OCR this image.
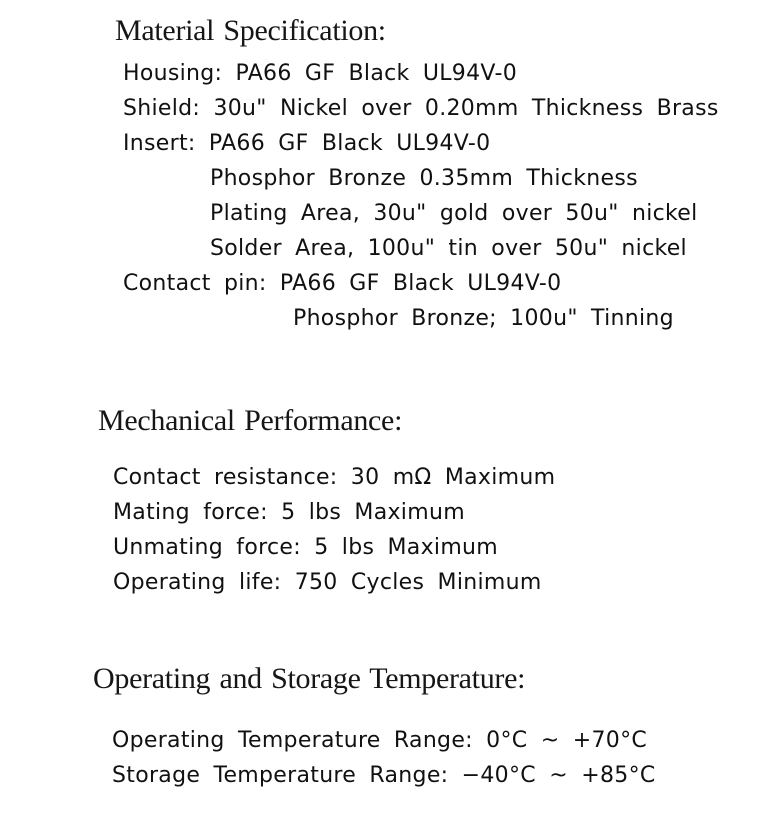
Material Specification:
Housing: PA66 GF Black UL94V-0
Shield: 30u" Nickel over 0.20mm Thickness Brass
Insert: PA66 GF Black UL94V-0
Phosphor Bronze 0.35mm Thickness
Plating Area, 30u" gold over 50u" nickel
Solder Area, 100u" tin over 50u" nickel
Contact pin: PA66 GF Black UL94V-0
Phosphor Bronze; 100u" Tinning
Mechanical Performance:
Contact resistance: 30 mΩ Maximum
Mating force: 5 lbs Maximum
Unmating force: 5 lbs Maximum
Operating life: 750 Cycles Minimum
Operating and Storage Temperature:
Operating Temperature Range: 0°C ~ +70°C
Storage Temperature Range: −40°C ~ +85°C
